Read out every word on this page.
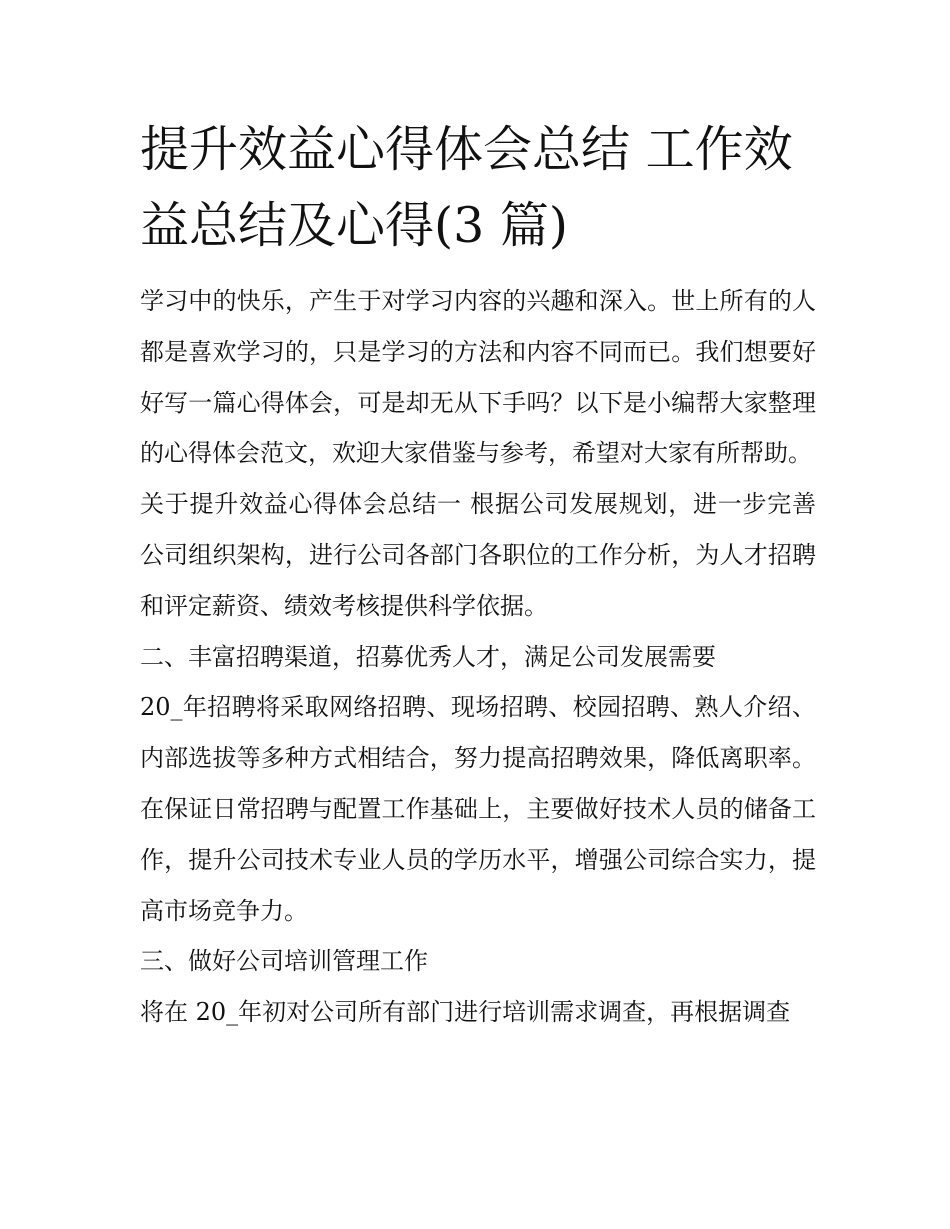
提升效益心得体会总结 工作效益总结及心得(3 篇)

学习中的快乐，产生于对学习内容的兴趣和深入。世上所有的人都是喜欢学习的，只是学习的方法和内容不同而已。我们想要好好写一篇心得体会，可是却无从下手吗？以下是小编帮大家整理的心得体会范文，欢迎大家借鉴与参考，希望对大家有所帮助。

关于提升效益心得体会总结一 根据公司发展规划，进一步完善公司组织架构，进行公司各部门各职位的工作分析，为人才招聘和评定薪资、绩效考核提供科学依据。

二、丰富招聘渠道，招募优秀人才，满足公司发展需要

20_年招聘将采取网络招聘、现场招聘、校园招聘、熟人介绍、内部选拔等多种方式相结合，努力提高招聘效果，降低离职率。在保证日常招聘与配置工作基础上，主要做好技术人员的储备工作，提升公司技术专业人员的学历水平，增强公司综合实力，提高市场竞争力。

三、做好公司培训管理工作

将在 20_年初对公司所有部门进行培训需求调查，再根据调查
